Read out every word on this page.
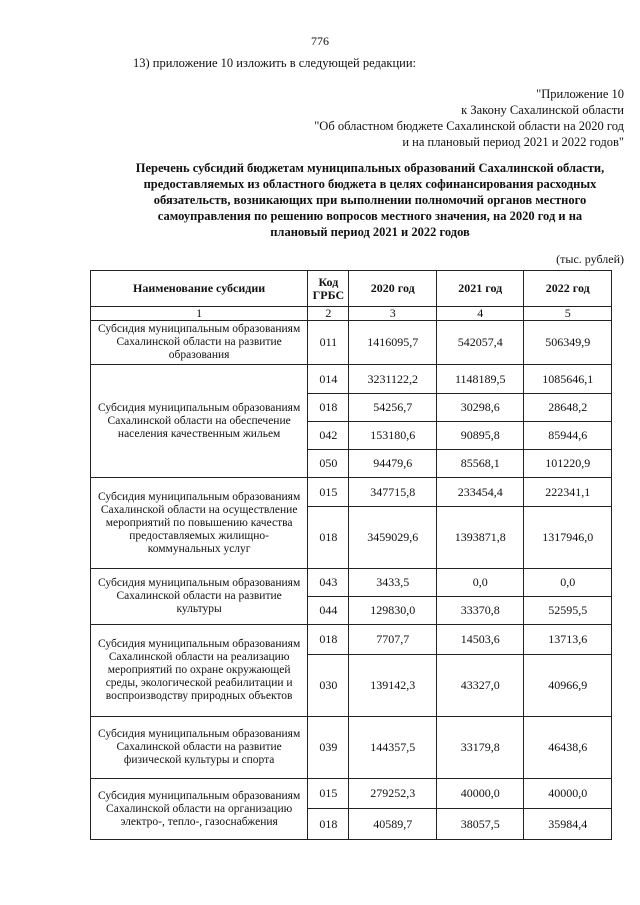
776
13) приложение 10 изложить в следующей редакции:
"Приложение 10
к Закону Сахалинской области
"Об областном бюджете Сахалинской области на 2020 год
и на плановый период 2021 и 2022 годов"
Перечень субсидий бюджетам муниципальных образований Сахалинской области,
предоставляемых из областного бюджета в целях софинансирования расходных
обязательств, возникающих при выполнении полномочий органов местного
самоуправления по решению вопросов местного значения, на 2020 год и на
плановый период 2021 и 2022 годов
(тыс. рублей)
Наименование субсидии	Код ГРБС	2020 год	2021 год	2022 год
1	2	3	4	5
Субсидия муниципальным образованиям Сахалинской области на развитие образования	011	1416095,7	542057,4	506349,9
Субсидия муниципальным образованиям Сахалинской области на обеспечение населения качественным жильем	014	3231122,2	1148189,5	1085646,1
	018	54256,7	30298,6	28648,2
	042	153180,6	90895,8	85944,6
	050	94479,6	85568,1	101220,9
Субсидия муниципальным образованиям Сахалинской области на осуществление мероприятий по повышению качества предоставляемых жилищно-коммунальных услуг	015	347715,8	233454,4	222341,1
	018	3459029,6	1393871,8	1317946,0
Субсидия муниципальным образованиям Сахалинской области на развитие культуры	043	3433,5	0,0	0,0
	044	129830,0	33370,8	52595,5
Субсидия муниципальным образованиям Сахалинской области на реализацию мероприятий по охране окружающей среды, экологической реабилитации и воспроизводству природных объектов	018	7707,7	14503,6	13713,6
	030	139142,3	43327,0	40966,9
Субсидия муниципальным образованиям Сахалинской области на развитие физической культуры и спорта	039	144357,5	33179,8	46438,6
Субсидия муниципальным образованиям Сахалинской области на организацию электро-, тепло-, газоснабжения	015	279252,3	40000,0	40000,0
	018	40589,7	38057,5	35984,4
